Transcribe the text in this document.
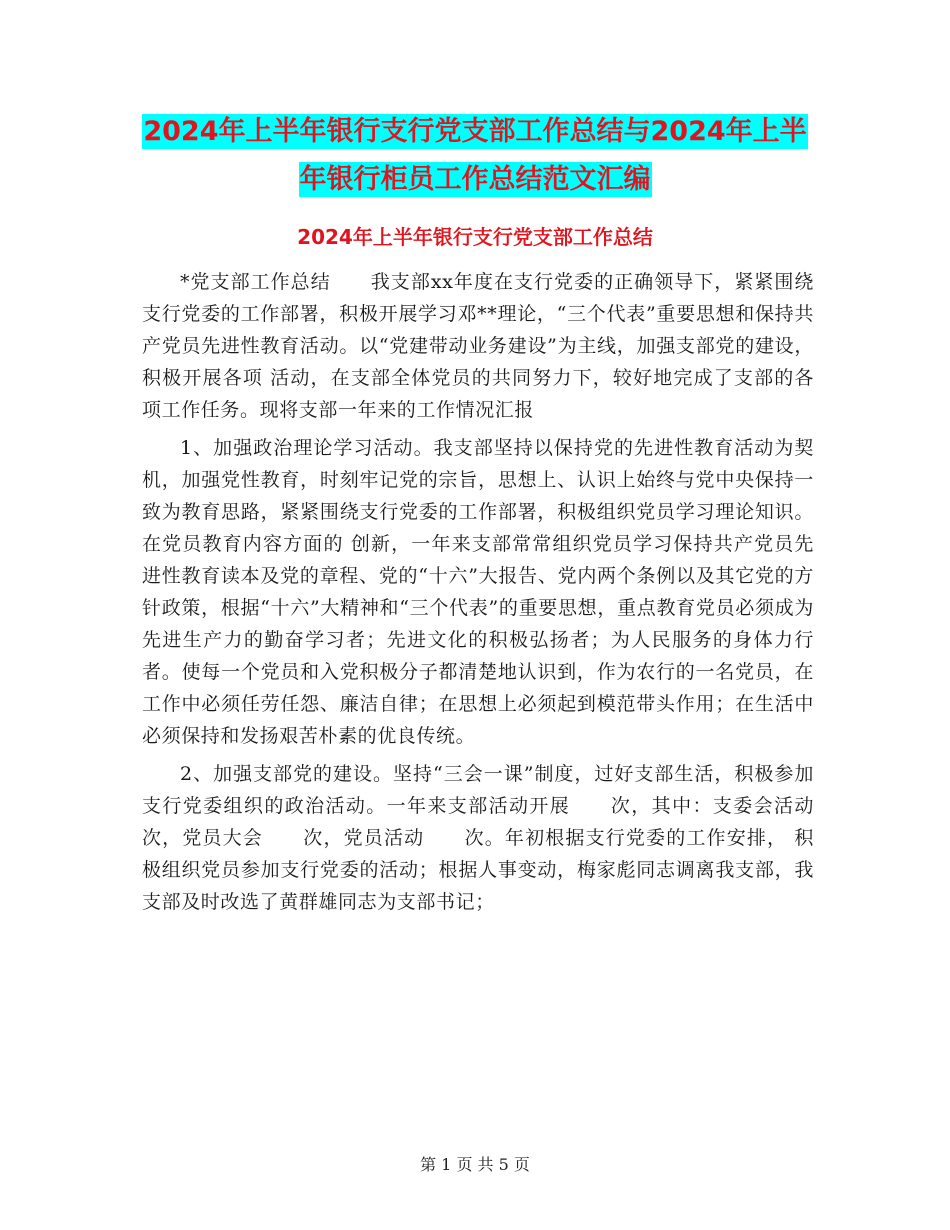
2024年上半年银行支行党支部工作总结与2024年上半
年银行柜员工作总结范文汇编
2024年上半年银行支行党支部工作总结

*党支部工作总结　　我支部xx年度在支行党委的正确领导下，紧紧围绕支行党委的工作部署，积极开展学习邓**理论，“三个代表”重要思想和保持共产党员先进性教育活动。以“党建带动业务建设”为主线，加强支部党的建设，积极开展各项 活动，在支部全体党员的共同努力下，较好地完成了支部的各项工作任务。现将支部一年来的工作情况汇报

1、加强政治理论学习活动。我支部坚持以保持党的先进性教育活动为契机，加强党性教育，时刻牢记党的宗旨，思想上、认识上始终与党中央保持一致为教育思路，紧紧围绕支行党委的工作部署，积极组织党员学习理论知识。在党员教育内容方面的 创新，一年来支部常常组织党员学习保持共产党员先进性教育读本及党的章程、党的“十六”大报告、党内两个条例以及其它党的方针政策，根据“十六”大精神和“三个代表”的重要思想，重点教育党员必须成为先进生产力的勤奋学习者；先进文化的积极弘扬者；为人民服务的身体力行者。使每一个党员和入党积极分子都清楚地认识到，作为农行的一名党员，在工作中必须任劳任怨、廉洁自律；在思想上必须起到模范带头作用；在生活中必须保持和发扬艰苦朴素的优良传统。

2、加强支部党的建设。坚持“三会一课”制度，过好支部生活，积极参加支行党委组织的政治活动。一年来支部活动开展　　次，其中：支委会活动　　次，党员大会　　次，党员活动　　次。年初根据支行党委的工作安排， 积极组织党员参加支行党委的活动；根据人事变动，梅家彪同志调离我支部，我支部及时改选了黄群雄同志为支部书记；

第 1 页 共 5 页
